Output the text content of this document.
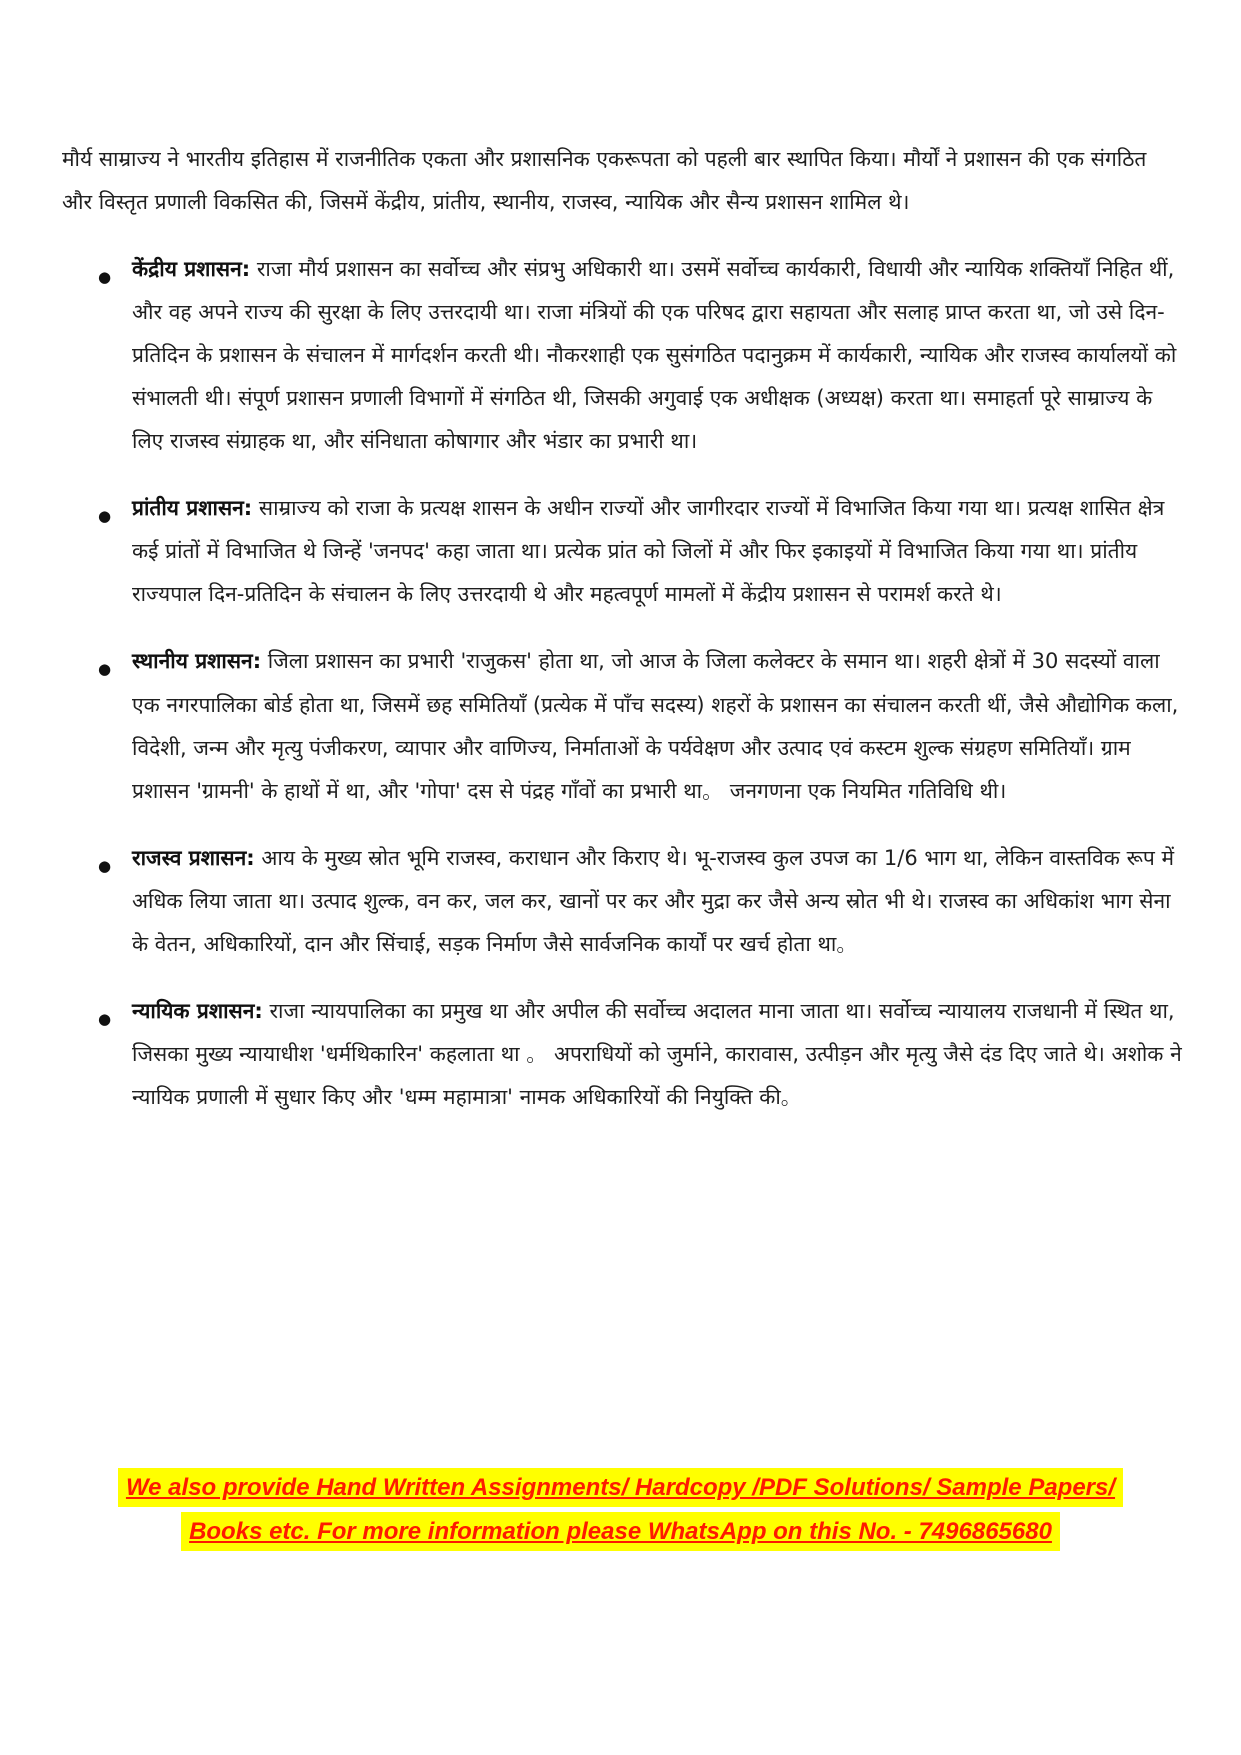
मौर्य साम्राज्य ने भारतीय इतिहास में राजनीतिक एकता और प्रशासनिक एकरूपता को पहली बार स्थापित किया। मौर्यों ने प्रशासन की एक संगठित और विस्तृत प्रणाली विकसित की, जिसमें केंद्रीय, प्रांतीय, स्थानीय, राजस्व, न्यायिक और सैन्य प्रशासन शामिल थे।

● केंद्रीय प्रशासन: राजा मौर्य प्रशासन का सर्वोच्च और संप्रभु अधिकारी था। उसमें सर्वोच्च कार्यकारी, विधायी और न्यायिक शक्तियाँ निहित थीं, और वह अपने राज्य की सुरक्षा के लिए उत्तरदायी था। राजा मंत्रियों की एक परिषद द्वारा सहायता और सलाह प्राप्त करता था, जो उसे दिन-प्रतिदिन के प्रशासन के संचालन में मार्गदर्शन करती थी। नौकरशाही एक सुसंगठित पदानुक्रम में कार्यकारी, न्यायिक और राजस्व कार्यालयों को संभालती थी। संपूर्ण प्रशासन प्रणाली विभागों में संगठित थी, जिसकी अगुवाई एक अधीक्षक (अध्यक्ष) करता था। समाहर्ता पूरे साम्राज्य के लिए राजस्व संग्राहक था, और संनिधाता कोषागार और भंडार का प्रभारी था।
● प्रांतीय प्रशासन: साम्राज्य को राजा के प्रत्यक्ष शासन के अधीन राज्यों और जागीरदार राज्यों में विभाजित किया गया था। प्रत्यक्ष शासित क्षेत्र कई प्रांतों में विभाजित थे जिन्हें 'जनपद' कहा जाता था। प्रत्येक प्रांत को जिलों में और फिर इकाइयों में विभाजित किया गया था। प्रांतीय राज्यपाल दिन-प्रतिदिन के संचालन के लिए उत्तरदायी थे और महत्वपूर्ण मामलों में केंद्रीय प्रशासन से परामर्श करते थे।
● स्थानीय प्रशासन: जिला प्रशासन का प्रभारी 'राजुकस' होता था, जो आज के जिला कलेक्टर के समान था। शहरी क्षेत्रों में 30 सदस्यों वाला एक नगरपालिका बोर्ड होता था, जिसमें छह समितियाँ (प्रत्येक में पाँच सदस्य) शहरों के प्रशासन का संचालन करती थीं, जैसे औद्योगिक कला, विदेशी, जन्म और मृत्यु पंजीकरण, व्यापार और वाणिज्य, निर्माताओं के पर्यवेक्षण और उत्पाद एवं कस्टम शुल्क संग्रहण समितियाँ। ग्राम प्रशासन 'ग्रामनी' के हाथों में था, और 'गोपा' दस से पंद्रह गाँवों का प्रभारी था。 जनगणना एक नियमित गतिविधि थी।
● राजस्व प्रशासन: आय के मुख्य स्रोत भूमि राजस्व, कराधान और किराए थे। भू-राजस्व कुल उपज का 1/6 भाग था, लेकिन वास्तविक रूप में अधिक लिया जाता था। उत्पाद शुल्क, वन कर, जल कर, खानों पर कर और मुद्रा कर जैसे अन्य स्रोत भी थे। राजस्व का अधिकांश भाग सेना के वेतन, अधिकारियों, दान और सिंचाई, सड़क निर्माण जैसे सार्वजनिक कार्यों पर खर्च होता था。
● न्यायिक प्रशासन: राजा न्यायपालिका का प्रमुख था और अपील की सर्वोच्च अदालत माना जाता था। सर्वोच्च न्यायालय राजधानी में स्थित था, जिसका मुख्य न्यायाधीश 'धर्मथिकारिन' कहलाता था 。 अपराधियों को जुर्माने, कारावास, उत्पीड़न और मृत्यु जैसे दंड दिए जाते थे। अशोक ने न्यायिक प्रणाली में सुधार किए और 'धम्म महामात्रा' नामक अधिकारियों की नियुक्ति की。
We also provide Hand Written Assignments/ Hardcopy /PDF Solutions/ Sample Papers/
Books etc. For more information please WhatsApp on this No. - 7496865680
